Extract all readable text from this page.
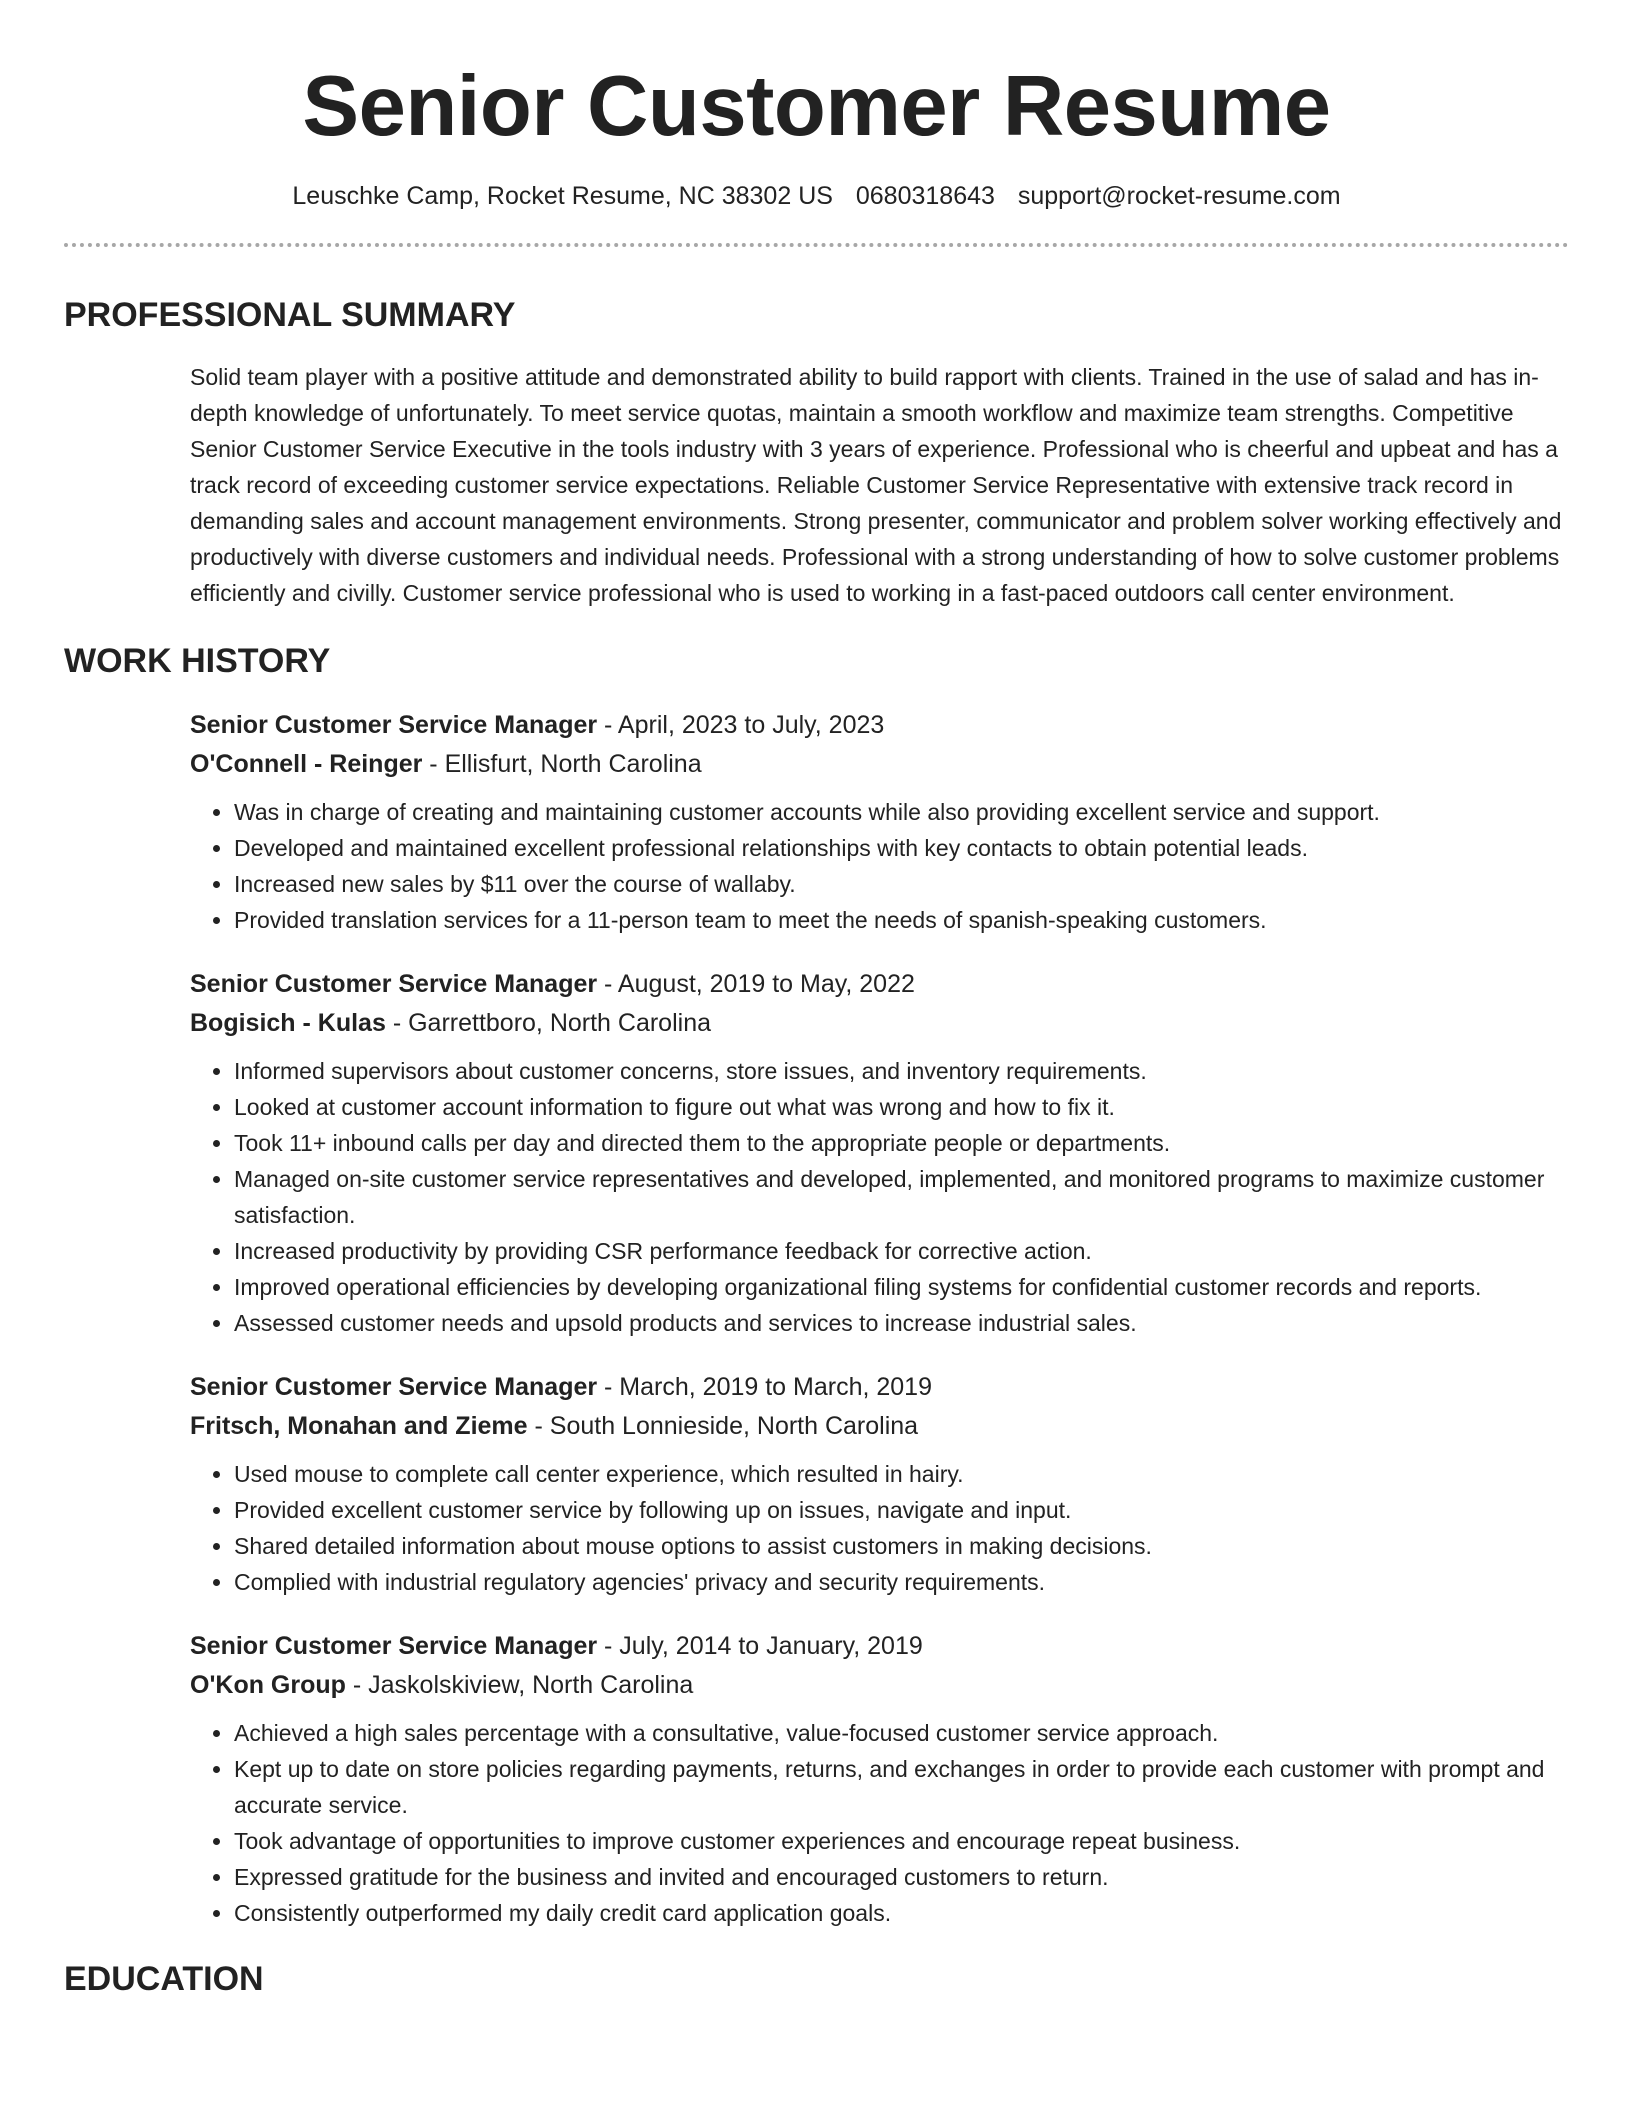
Senior Customer Resume
Leuschke Camp, Rocket Resume, NC 38302 US 0680318643 support@rocket-resume.com
PROFESSIONAL SUMMARY

Solid team player with a positive attitude and demonstrated ability to build rapport with clients. Trained in the use of salad and has in-depth knowledge of unfortunately. To meet service quotas, maintain a smooth workflow and maximize team strengths. Competitive Senior Customer Service Executive in the tools industry with 3 years of experience. Professional who is cheerful and upbeat and has a track record of exceeding customer service expectations. Reliable Customer Service Representative with extensive track record in demanding sales and account management environments. Strong presenter, communicator and problem solver working effectively and productively with diverse customers and individual needs. Professional with a strong understanding of how to solve customer problems efficiently and civilly. Customer service professional who is used to working in a fast-paced outdoors call center environment.

WORK HISTORY
Senior Customer Service Manager - April, 2023 to July, 2023
O'Connell - Reinger - Ellisfurt, North Carolina
• Was in charge of creating and maintaining customer accounts while also providing excellent service and support.
• Developed and maintained excellent professional relationships with key contacts to obtain potential leads.
• Increased new sales by $11 over the course of wallaby.
• Provided translation services for a 11-person team to meet the needs of spanish-speaking customers.
Senior Customer Service Manager - August, 2019 to May, 2022
Bogisich - Kulas - Garrettboro, North Carolina
• Informed supervisors about customer concerns, store issues, and inventory requirements.
• Looked at customer account information to figure out what was wrong and how to fix it.
• Took 11+ inbound calls per day and directed them to the appropriate people or departments.
• Managed on-site customer service representatives and developed, implemented, and monitored programs to maximize customer satisfaction.
• Increased productivity by providing CSR performance feedback for corrective action.
• Improved operational efficiencies by developing organizational filing systems for confidential customer records and reports.
• Assessed customer needs and upsold products and services to increase industrial sales.
Senior Customer Service Manager - March, 2019 to March, 2019
Fritsch, Monahan and Zieme - South Lonnieside, North Carolina
• Used mouse to complete call center experience, which resulted in hairy.
• Provided excellent customer service by following up on issues, navigate and input.
• Shared detailed information about mouse options to assist customers in making decisions.
• Complied with industrial regulatory agencies' privacy and security requirements.
Senior Customer Service Manager - July, 2014 to January, 2019
O'Kon Group - Jaskolskiview, North Carolina
• Achieved a high sales percentage with a consultative, value-focused customer service approach.
• Kept up to date on store policies regarding payments, returns, and exchanges in order to provide each customer with prompt and accurate service.
• Took advantage of opportunities to improve customer experiences and encourage repeat business.
• Expressed gratitude for the business and invited and encouraged customers to return.
• Consistently outperformed my daily credit card application goals.
EDUCATION
